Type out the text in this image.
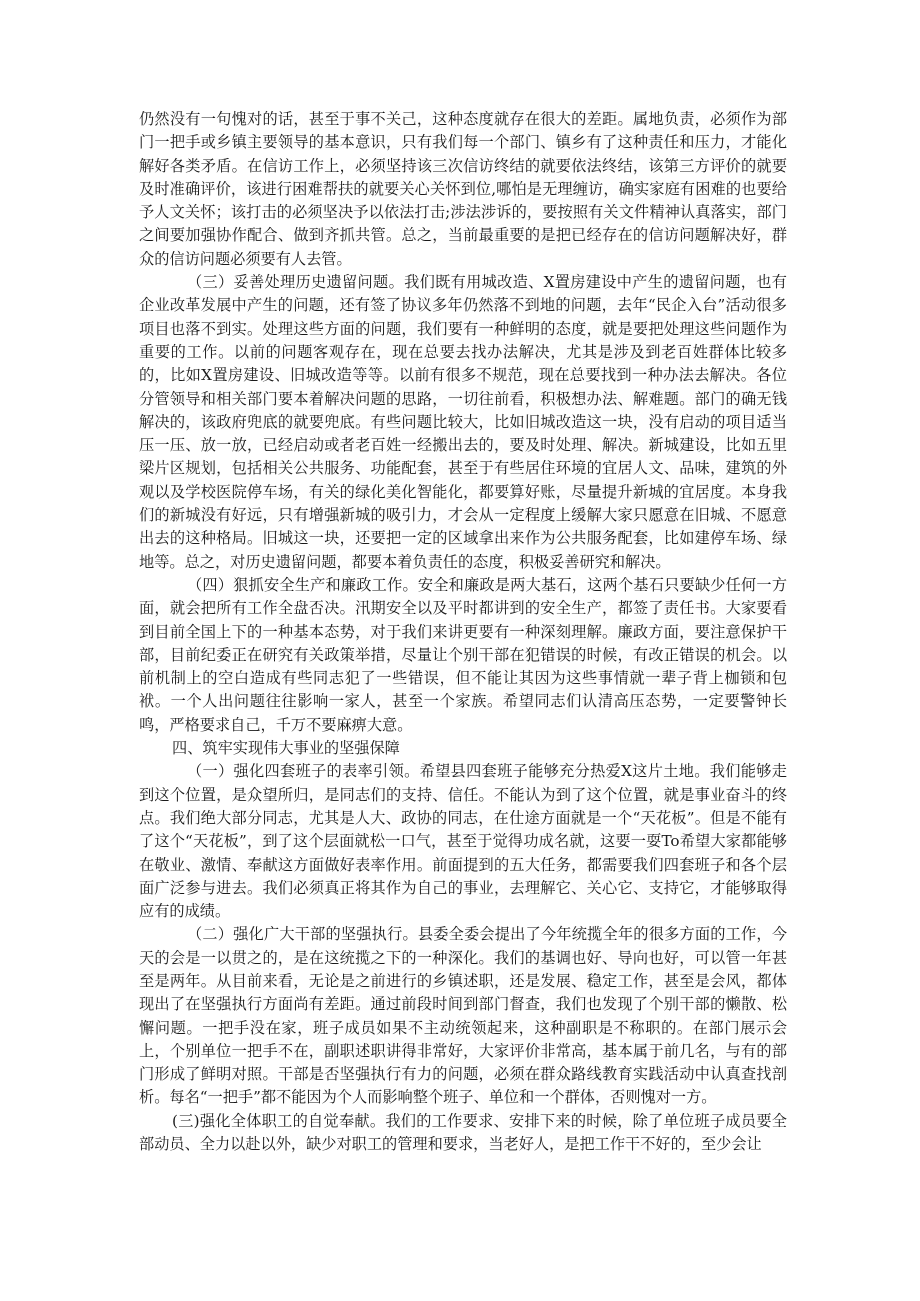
仍然没有一句愧对的话，甚至于事不关己，这种态度就存在很大的差距。属地负责，必须作为部门一把手或乡镇主要领导的基本意识，只有我们每一个部门、镇乡有了这种责任和压力，才能化解好各类矛盾。在信访工作上，必须坚持该三次信访终结的就要依法终结，该第三方评价的就要及时准确评价，该进行困难帮扶的就要关心关怀到位,哪怕是无理缠访，确实家庭有困难的也要给予人文关怀；该打击的必须坚决予以依法打击;涉法涉诉的，要按照有关文件精神认真落实，部门之间要加强协作配合、做到齐抓共管。总之，当前最重要的是把已经存在的信访问题解决好，群众的信访问题必须要有人去管。

（三）妥善处理历史遗留问题。我们既有用城改造、X置房建设中产生的遗留问题，也有企业改革发展中产生的问题，还有签了协议多年仍然落不到地的问题，去年“民企入台”活动很多项目也落不到实。处理这些方面的问题，我们要有一种鲜明的态度，就是要把处理这些问题作为重要的工作。以前的问题客观存在，现在总要去找办法解决，尤其是涉及到老百姓群体比较多的，比如X置房建设、旧城改造等等。以前有很多不规范，现在总要找到一种办法去解决。各位分管领导和相关部门要本着解决问题的思路，一切往前看，积极想办法、解难题。部门的确无钱解决的，该政府兜底的就要兜底。有些问题比较大，比如旧城改造这一块，没有启动的项目适当压一压、放一放，已经启动或者老百姓一经搬出去的，要及时处理、解决。新城建设，比如五里梁片区规划，包括相关公共服务、功能配套，甚至于有些居住环境的宜居人文、品味，建筑的外观以及学校医院停车场，有关的绿化美化智能化，都要算好账，尽量提升新城的宜居度。本身我们的新城没有好远，只有增强新城的吸引力，才会从一定程度上缓解大家只愿意在旧城、不愿意出去的这种格局。旧城这一块，还要把一定的区域拿出来作为公共服务配套，比如建停车场、绿地等。总之，对历史遗留问题，都要本着负责任的态度，积极妥善研究和解决。

（四）狠抓安全生产和廉政工作。安全和廉政是两大基石，这两个基石只要缺少任何一方面，就会把所有工作全盘否决。汛期安全以及平时都讲到的安全生产，都签了责任书。大家要看到目前全国上下的一种基本态势，对于我们来讲更要有一种深刻理解。廉政方面，要注意保护干部，目前纪委正在研究有关政策举措，尽量让个别干部在犯错误的时候，有改正错误的机会。以前机制上的空白造成有些同志犯了一些错误，但不能让其因为这些事情就一辈子背上枷锁和包袱。一个人出问题往往影响一家人，甚至一个家族。希望同志们认清高压态势，一定要警钟长鸣，严格要求自己，千万不要麻痹大意。

四、筑牢实现伟大事业的坚强保障

（一）强化四套班子的表率引领。希望县四套班子能够充分热爱X这片土地。我们能够走到这个位置，是众望所归，是同志们的支持、信任。不能认为到了这个位置，就是事业奋斗的终点。我们绝大部分同志，尤其是人大、政协的同志，在仕途方面就是一个“天花板”。但是不能有了这个“天花板”，到了这个层面就松一口气，甚至于觉得功成名就，这要一耍To希望大家都能够在敬业、激情、奉献这方面做好表率作用。前面提到的五大任务，都需要我们四套班子和各个层面广泛参与进去。我们必须真正将其作为自己的事业，去理解它、关心它、支持它，才能够取得应有的成绩。

（二）强化广大干部的坚强执行。县委全委会提出了今年统揽全年的很多方面的工作，今天的会是一以贯之的，是在这统揽之下的一种深化。我们的基调也好、导向也好，可以管一年甚至是两年。从目前来看，无论是之前进行的乡镇述职，还是发展、稳定工作，甚至是会风，都体现出了在坚强执行方面尚有差距。通过前段时间到部门督查，我们也发现了个别干部的懒散、松懈问题。一把手没在家，班子成员如果不主动统领起来，这种副职是不称职的。在部门展示会上，个别单位一把手不在，副职述职讲得非常好，大家评价非常高，基本属于前几名，与有的部门形成了鲜明对照。干部是否坚强执行有力的问题，必须在群众路线教育实践活动中认真查找剖析。每名“一把手”都不能因为个人而影响整个班子、单位和一个群体，否则愧对一方。

(三)强化全体职工的自觉奉献。我们的工作要求、安排下来的时候，除了单位班子成员要全部动员、全力以赴以外，缺少对职工的管理和要求，当老好人，是把工作干不好的，至少会让
